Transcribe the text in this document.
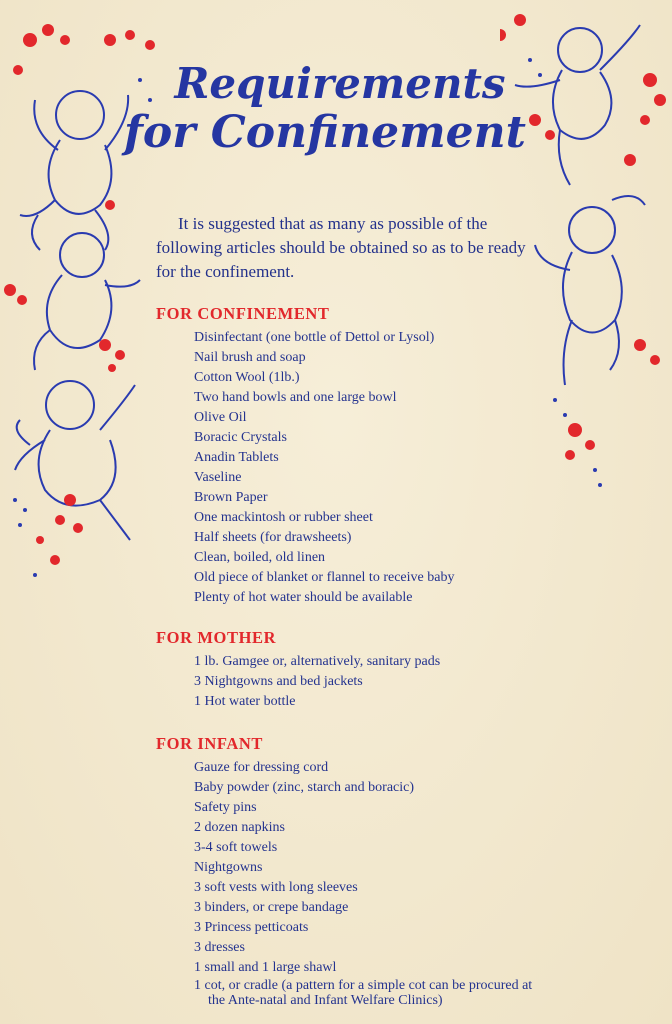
Requirements
for Confinement
It is suggested that as many as possible of the following articles should be obtained so as to be ready for the confinement.
FOR CONFINEMENT
Disinfectant (one bottle of Dettol or Lysol)
Nail brush and soap
Cotton Wool (1lb.)
Two hand bowls and one large bowl
Olive Oil
Boracic Crystals
Anadin Tablets
Vaseline
Brown Paper
One mackintosh or rubber sheet
Half sheets (for drawsheets)
Clean, boiled, old linen
Old piece of blanket or flannel to receive baby
Plenty of hot water should be available
FOR MOTHER
1 lb. Gamgee or, alternatively, sanitary pads
3 Nightgowns and bed jackets
1 Hot water bottle
FOR INFANT
Gauze for dressing cord
Baby powder (zinc, starch and boracic)
Safety pins
2 dozen napkins
3-4 soft towels
Nightgowns
3 soft vests with long sleeves
3 binders, or crepe bandage
3 Princess petticoats
3 dresses
1 small and 1 large shawl
1 cot, or cradle (a pattern for a simple cot can be procured at the Ante-natal and Infant Welfare Clinics)
